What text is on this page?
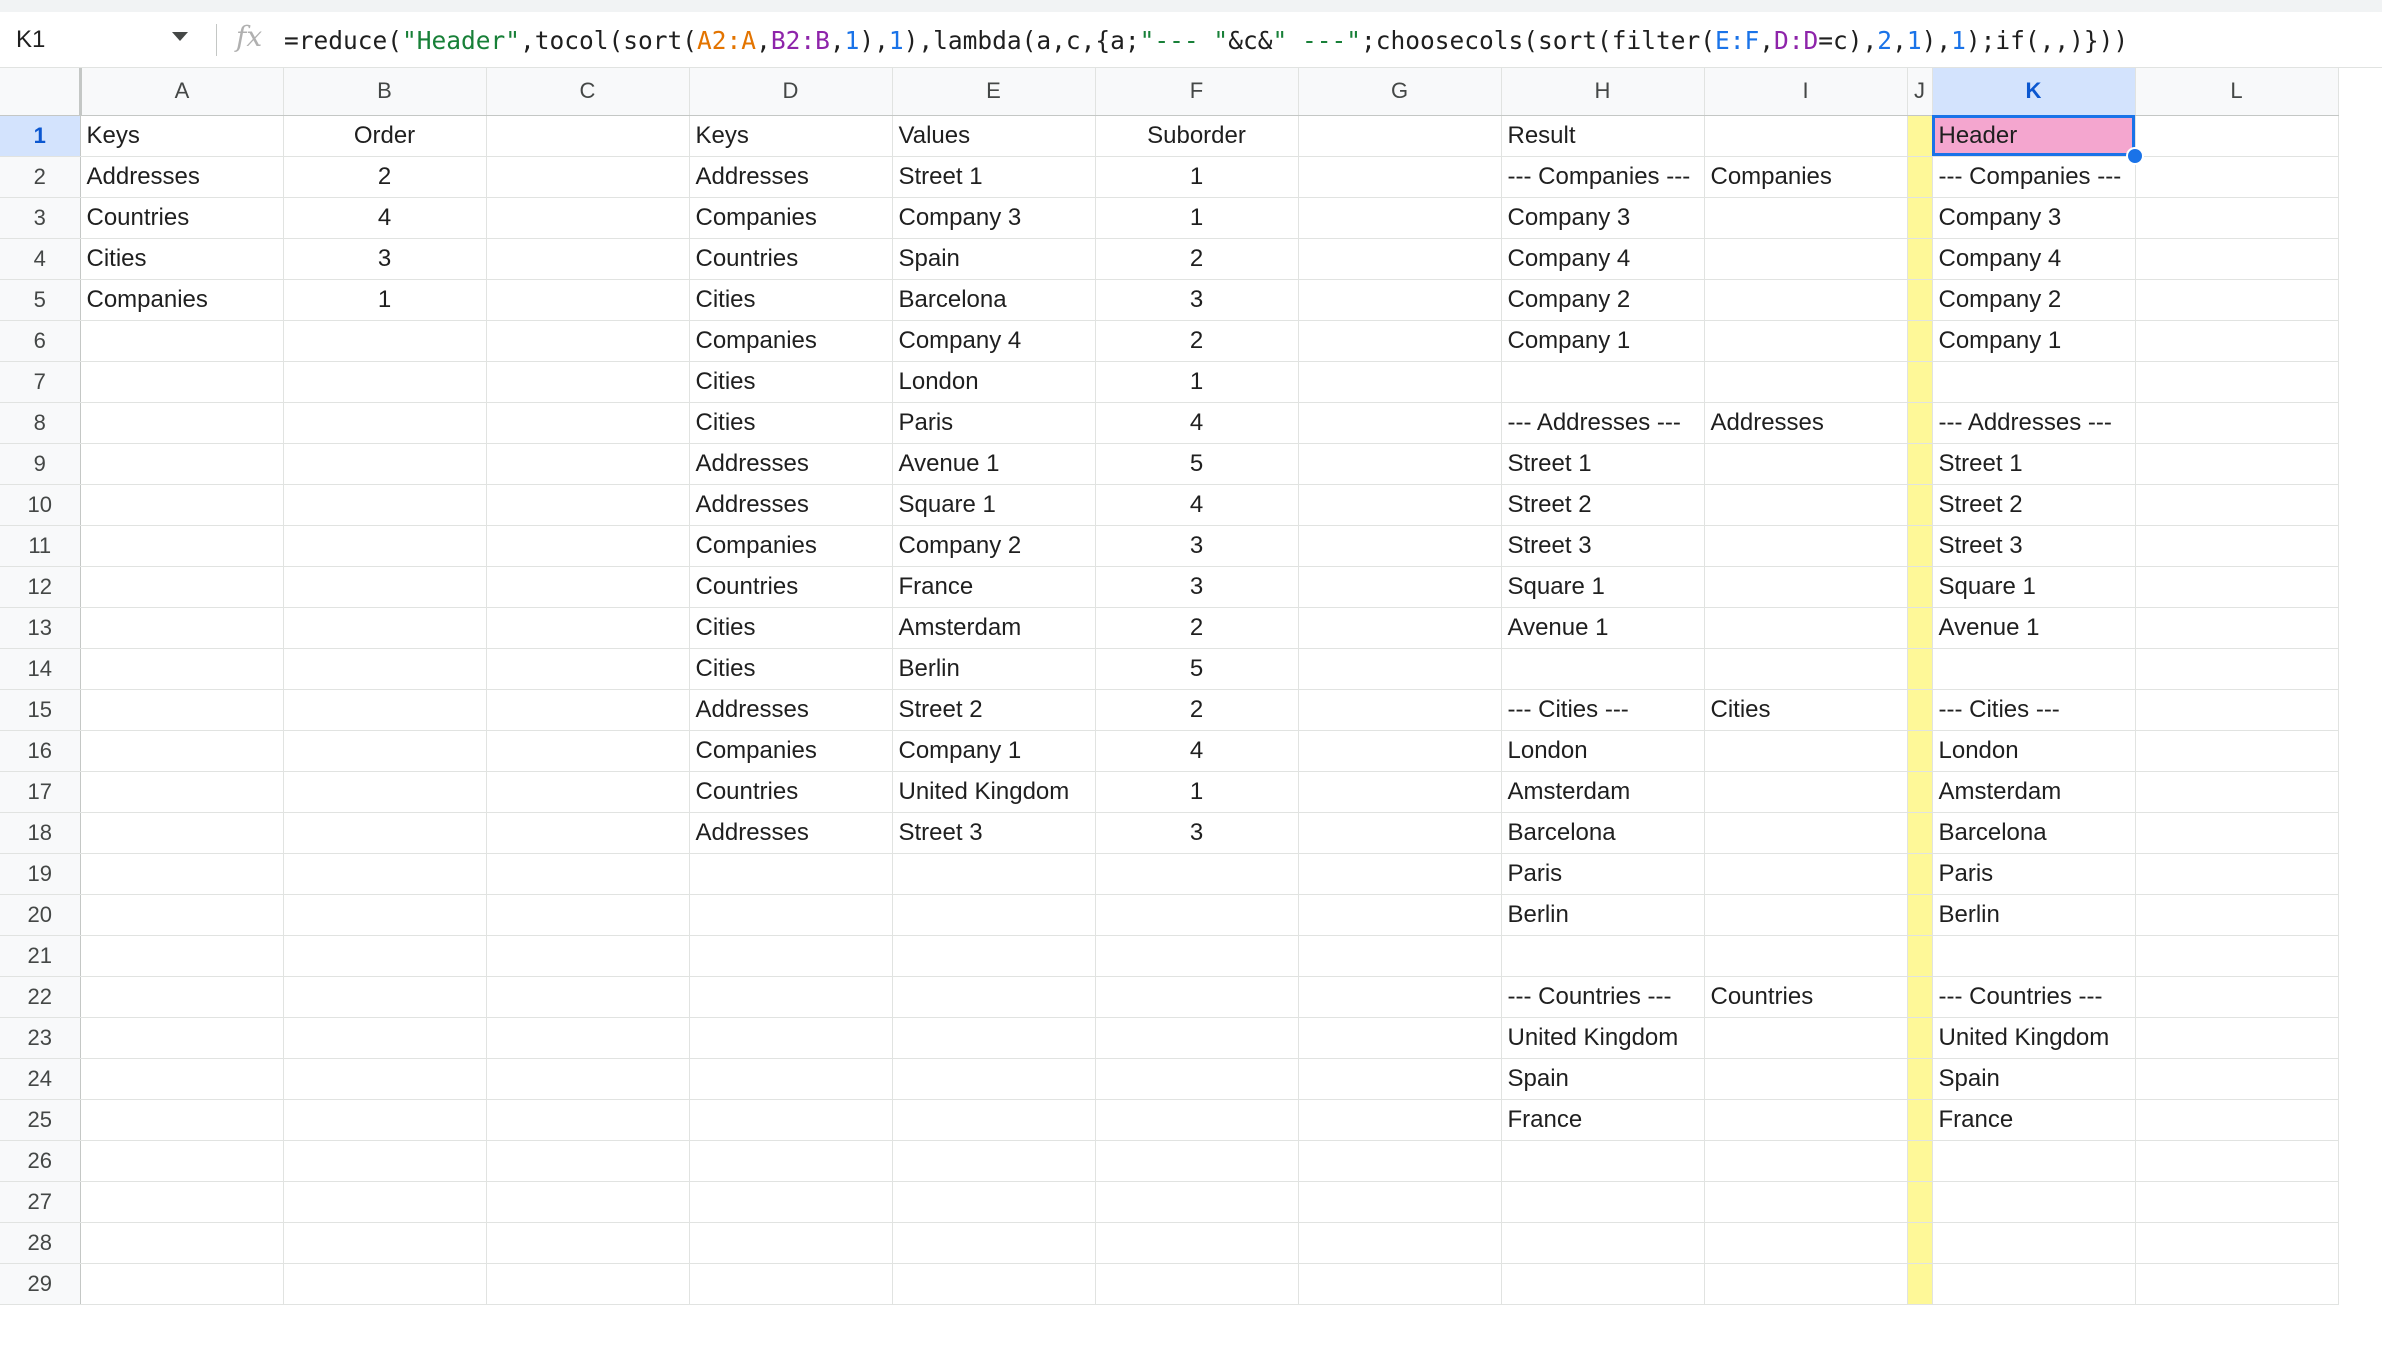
K1	fx =reduce( "Header" ,tocol(sort( A2:A , B2:B , 1 ), 1 ),lambda(a,c,{a; "--- " &c& " ---" ;choosecols(sort(filter( E:F , D:D =c), 2 , 1 ), 1 );if(,,)}))
	A	B	C	D	E	F	G	H	I	J	K	L
1	Keys	Order		Keys	Values	Suborder		Result			Header	
2	Addresses	2		Addresses	Street 1	1		--- Companies ---	Companies		--- Companies ---	
3	Countries	4		Companies	Company 3	1		Company 3			Company 3	
4	Cities	3		Countries	Spain	2		Company 4			Company 4	
5	Companies	1		Cities	Barcelona	3		Company 2			Company 2	
6				Companies	Company 4	2		Company 1			Company 1	
7				Cities	London	1						
8				Cities	Paris	4		--- Addresses ---	Addresses		--- Addresses ---	
9				Addresses	Avenue 1	5		Street 1			Street 1	
10				Addresses	Square 1	4		Street 2			Street 2	
11				Companies	Company 2	3		Street 3			Street 3	
12				Countries	France	3		Square 1			Square 1	
13				Cities	Amsterdam	2		Avenue 1			Avenue 1	
14				Cities	Berlin	5						
15				Addresses	Street 2	2		--- Cities ---	Cities		--- Cities ---	
16				Companies	Company 1	4		London			London	
17				Countries	United Kingdom	1		Amsterdam			Amsterdam	
18				Addresses	Street 3	3		Barcelona			Barcelona	
19								Paris			Paris	
20								Berlin			Berlin	
21												
22								--- Countries ---	Countries		--- Countries ---	
23								United Kingdom			United Kingdom	
24								Spain			Spain	
25								France			France	
26												
27												
28												
29												
